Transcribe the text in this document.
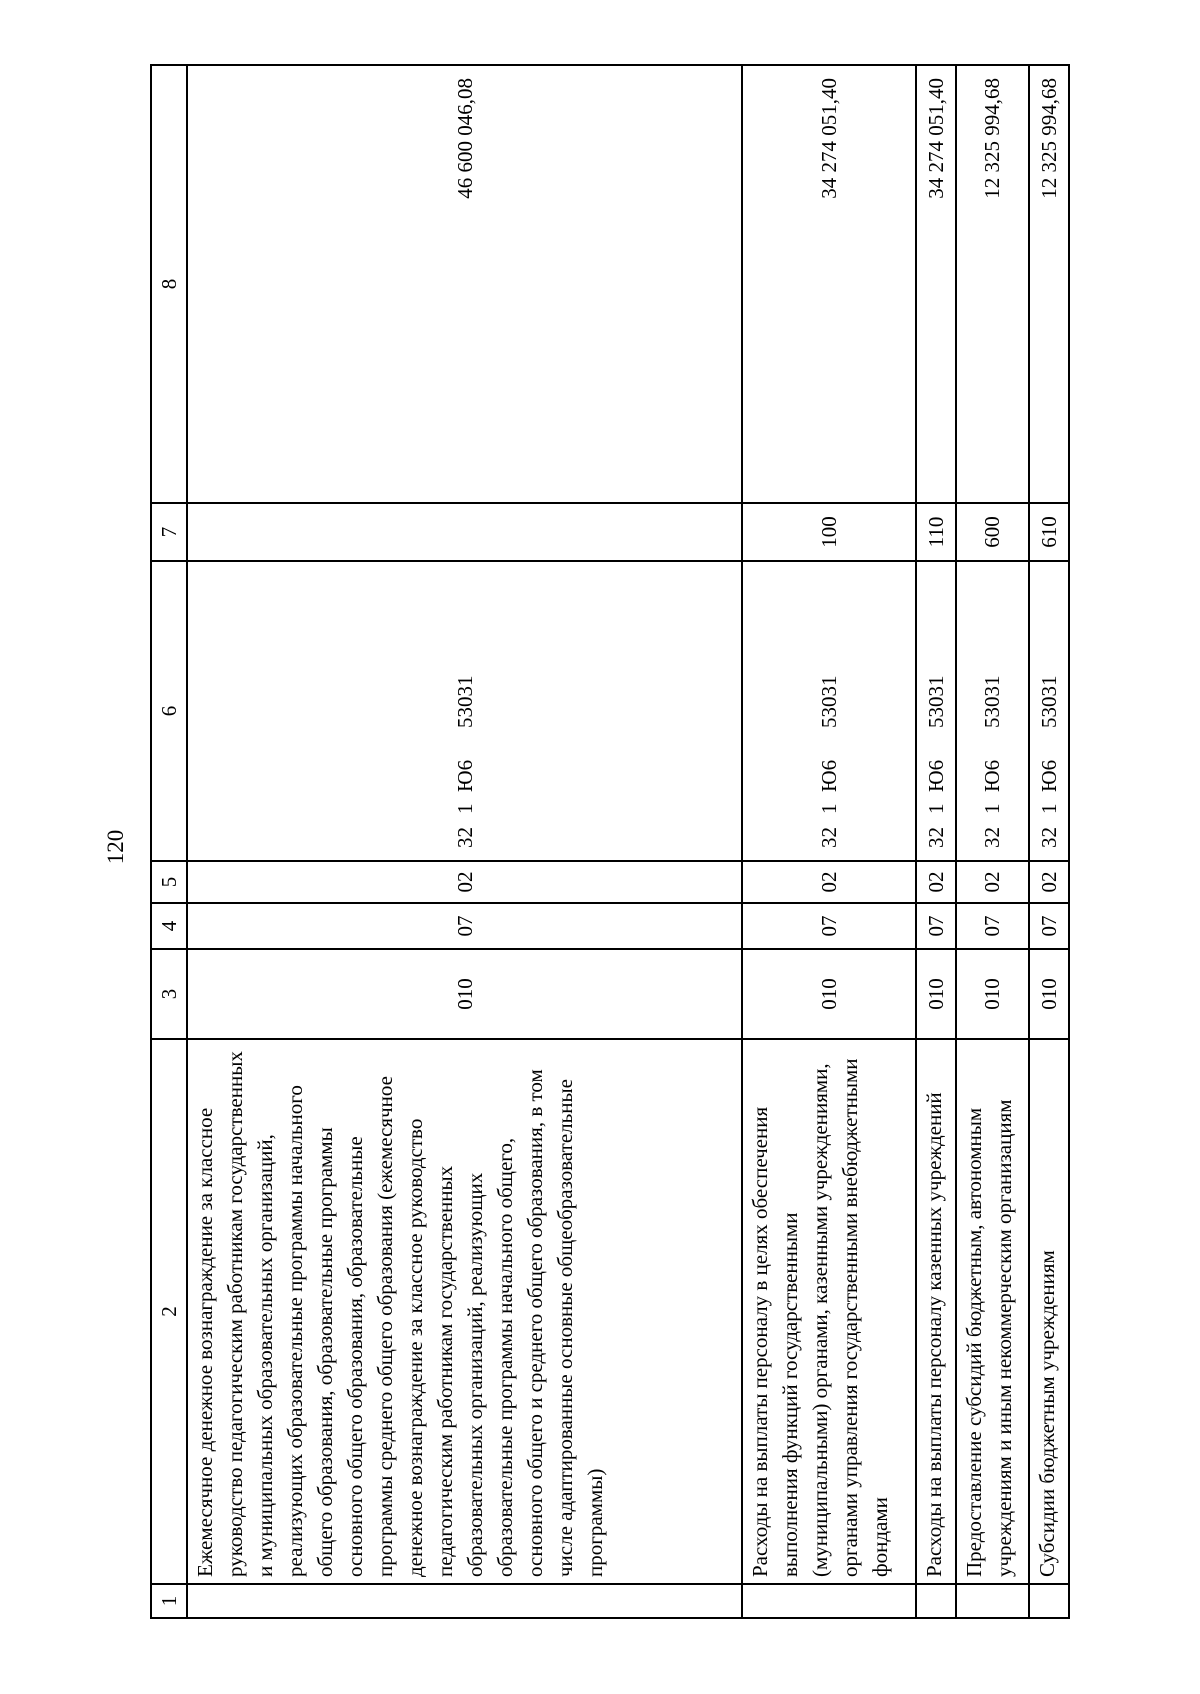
120
1	2	3	4	5	6	7	8
	Ежемесячное денежное вознаграждение за классное руководство педагогическим работникам государственных и муниципальных образовательных организаций, реализующих образовательные программы начального общего образования, образовательные программы основного общего образования, образовательные программы среднего общего образования (ежемесячное денежное вознаграждение за классное руководство педагогическим работникам государственных образовательных организаций, реализующих образовательные программы начального общего, основного общего и среднего общего образования, в том числе адаптированные основные общеобразовательные программы)	010	07	02	321Ю653031		46 600 046,08
	Расходы на выплаты персоналу в целях обеспечения выполнения функций государственными (муниципальными) органами, казенными учреждениями, органами управления государственными внебюджетными фондами	010	07	02	321Ю653031	100	34 274 051,40
	Расходы на выплаты персоналу казенных учреждений	010	07	02	321Ю653031	110	34 274 051,40
	Предоставление субсидий бюджетным, автономным учреждениям и иным некоммерческим организациям	010	07	02	321Ю653031	600	12 325 994,68
	Субсидии бюджетным учреждениям	010	07	02	321Ю653031	610	12 325 994,68
